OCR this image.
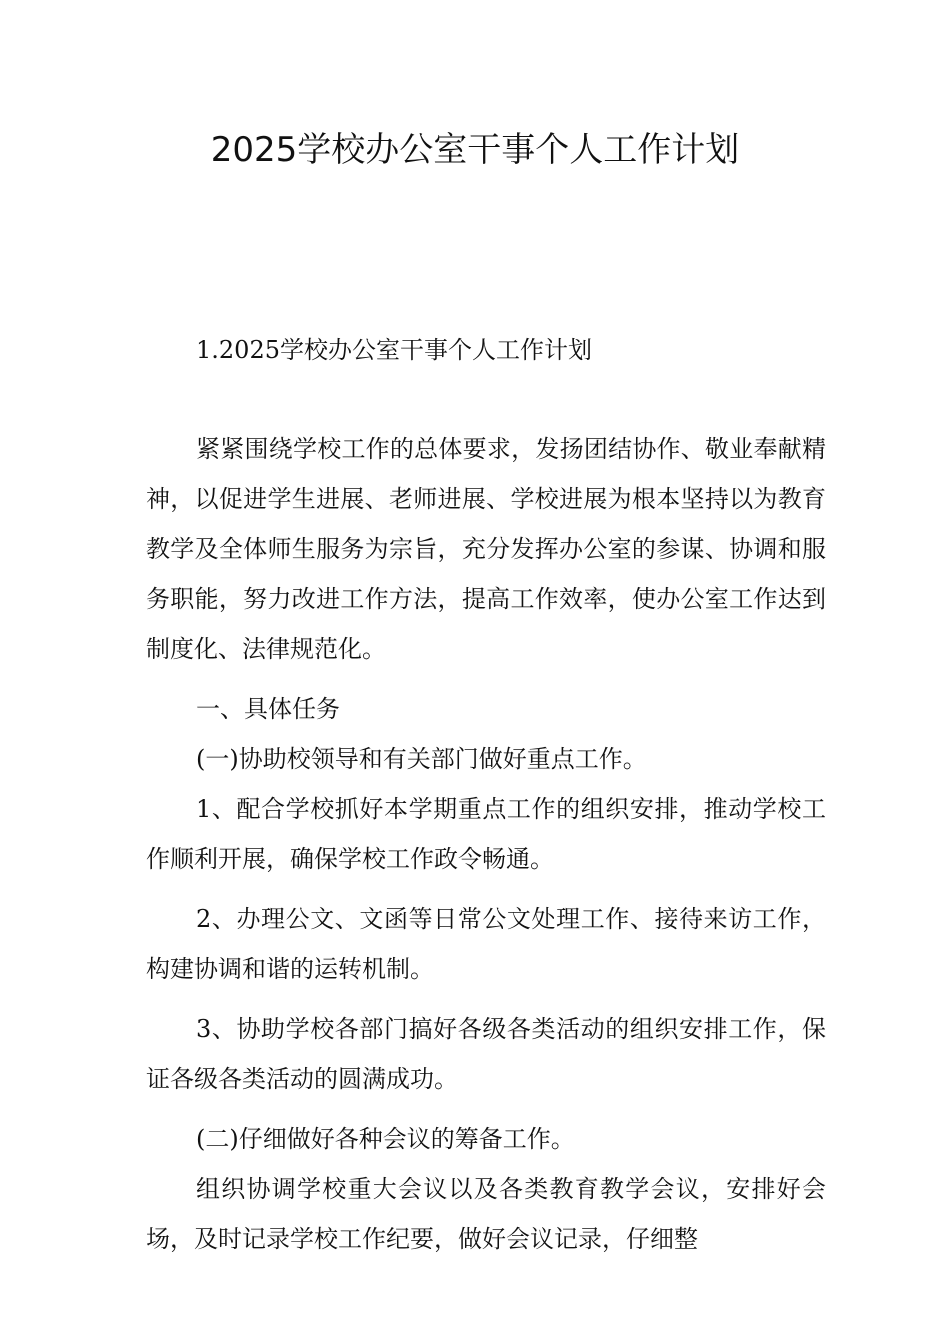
2025学校办公室干事个人工作计划

1.2025学校办公室干事个人工作计划

紧紧围绕学校工作的总体要求，发扬团结协作、敬业奉献精神，以促进学生进展、老师进展、学校进展为根本坚持以为教育教学及全体师生服务为宗旨，充分发挥办公室的参谋、协调和服务职能，努力改进工作方法，提高工作效率，使办公室工作达到制度化、法律规范化。

一、具体任务

(一)协助校领导和有关部门做好重点工作。

1、配合学校抓好本学期重点工作的组织安排，推动学校工作顺利开展，确保学校工作政令畅通。

2、办理公文、文函等日常公文处理工作、接待来访工作，构建协调和谐的运转机制。

3、协助学校各部门搞好各级各类活动的组织安排工作，保证各级各类活动的圆满成功。

(二)仔细做好各种会议的筹备工作。

组织协调学校重大会议以及各类教育教学会议，安排好会场，及时记录学校工作纪要，做好会议记录，仔细整
